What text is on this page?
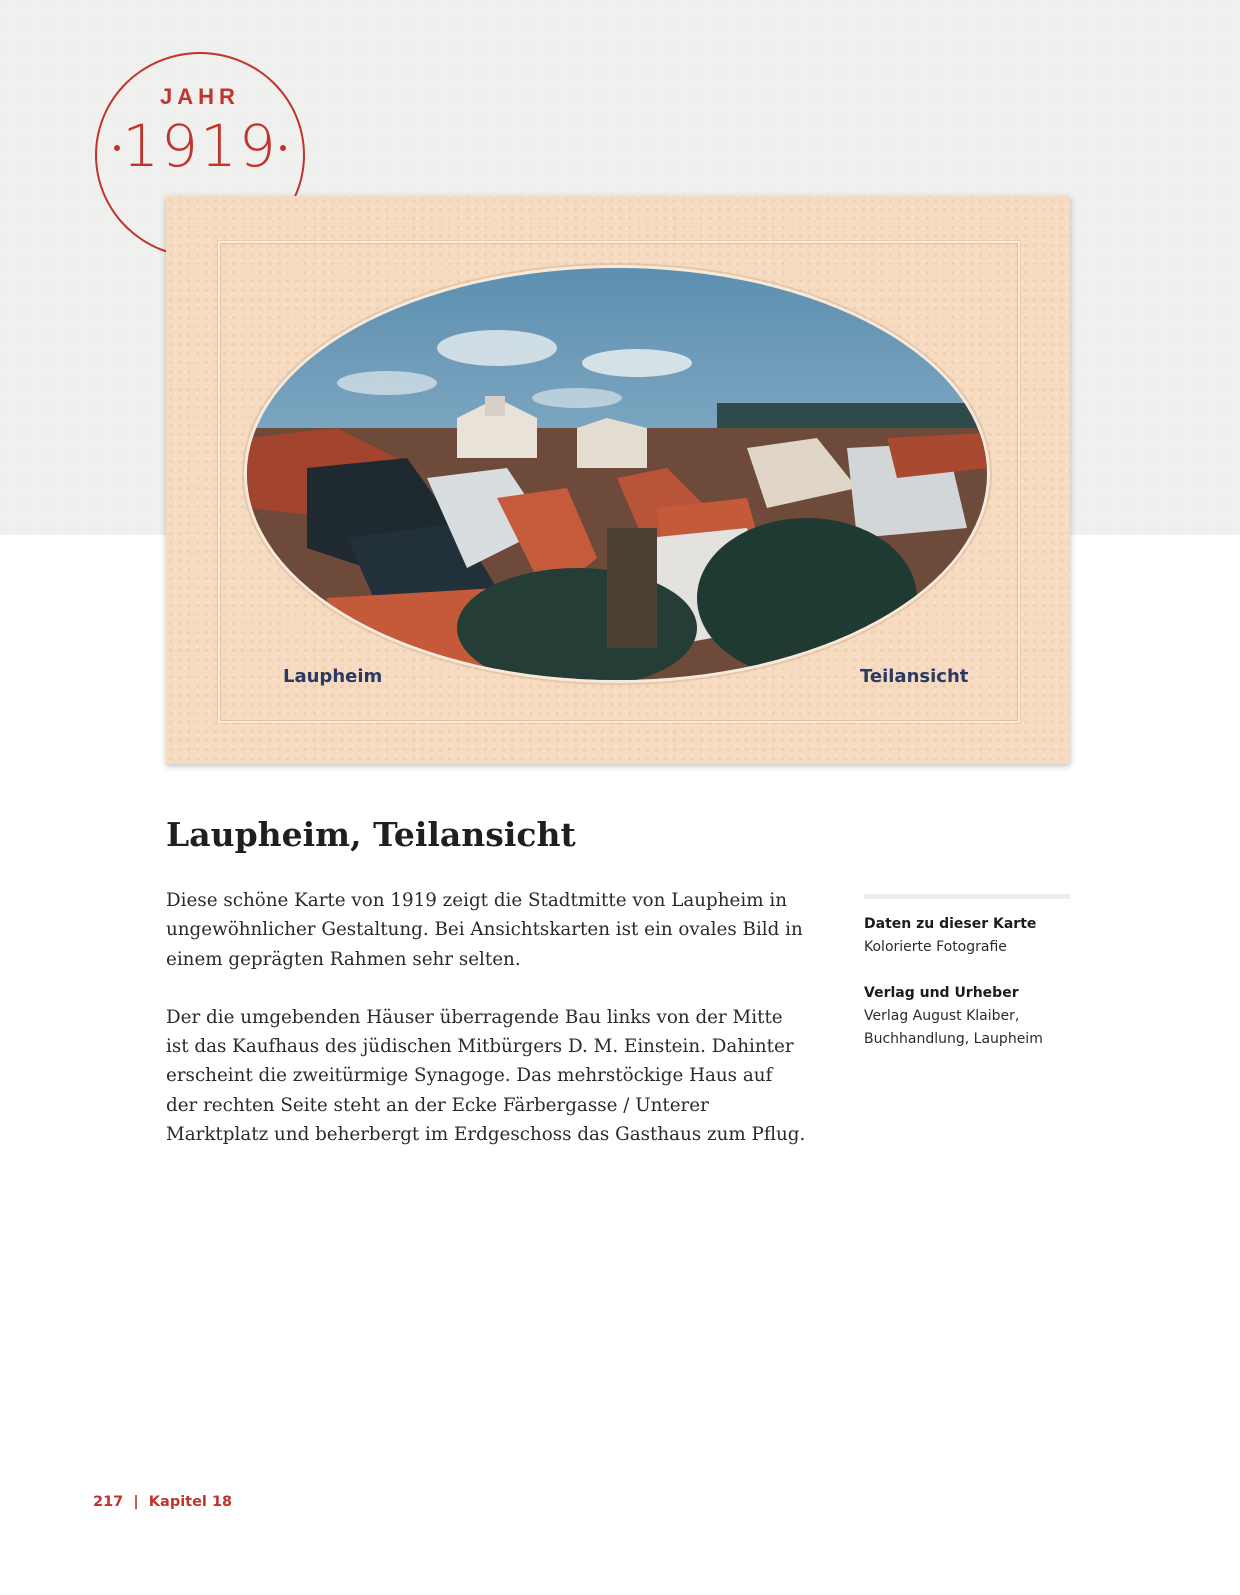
JAHR
1919
Laupheim	Teilansicht
Laupheim, Teilansicht

Diese schöne Karte von 1919 zeigt die Stadtmitte von Laupheim in ungewöhnlicher Gestaltung. Bei Ansichtskarten ist ein ovales Bild in einem geprägten Rahmen sehr selten.

Der die umgebenden Häuser überragende Bau links von der Mitte ist das Kaufhaus des jüdischen Mitbürgers D. M. Einstein. Dahinter erscheint die zweitürmige Synagoge. Das mehrstöckige Haus auf der rechten Seite steht an der Ecke Färbergasse / Unterer Marktplatz und beherbergt im Erdgeschoss das Gasthaus zum Pflug.

Daten zu dieser Karte
Kolorierte Fotografie
Verlag und Urheber
Verlag August Klaiber,
Buchhandlung, Laupheim
217 | Kapitel 18
